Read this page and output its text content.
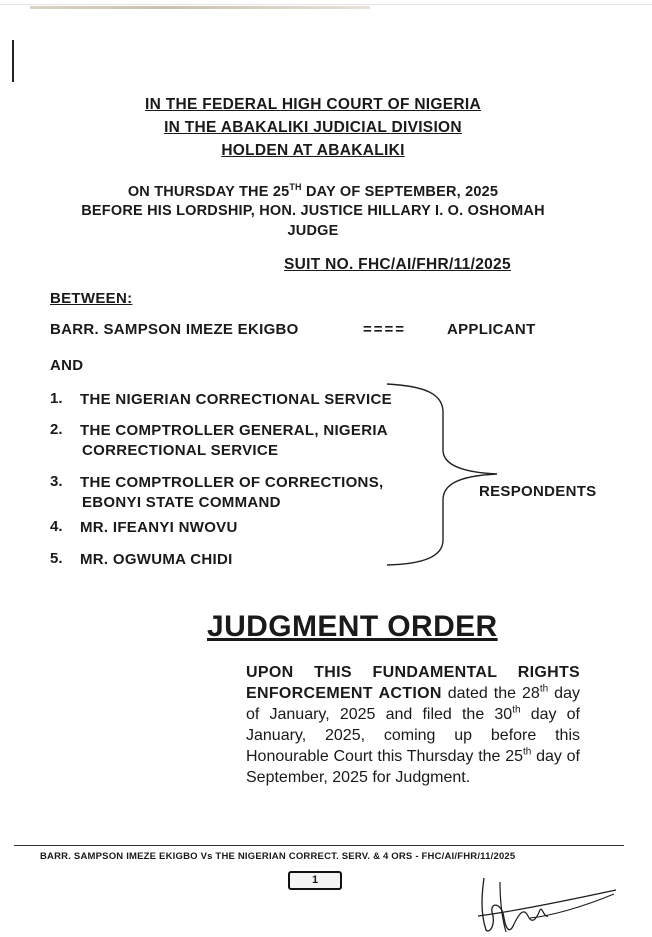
IN THE FEDERAL HIGH COURT OF NIGERIA
IN THE ABAKALIKI JUDICIAL DIVISION
HOLDEN AT ABAKALIKI
ON THURSDAY THE 25TH DAY OF SEPTEMBER, 2025
BEFORE HIS LORDSHIP, HON. JUSTICE HILLARY I. O. OSHOMAH
JUDGE
SUIT NO. FHC/AI/FHR/11/2025
BETWEEN:
BARR. SAMPSON IMEZE EKIGBO	====	APPLICANT
AND
1. THE NIGERIAN CORRECTIONAL SERVICE
2. THE COMPTROLLER GENERAL, NIGERIA
CORRECTIONAL SERVICE
3. THE COMPTROLLER OF CORRECTIONS,
EBONYI STATE COMMAND
4. MR. IFEANYI NWOVU
5. MR. OGWUMA CHIDI
RESPONDENTS
JUDGMENT ORDER
UPON THIS FUNDAMENTAL RIGHTS ENFORCEMENT ACTION dated the 28th day of January, 2025 and filed the 30th day of January, 2025, coming up before this Honourable Court this Thursday the 25th day of September, 2025 for Judgment.
BARR. SAMPSON IMEZE EKIGBO Vs THE NIGERIAN CORRECT. SERV. & 4 ORS - FHC/AI/FHR/11/2025
1
